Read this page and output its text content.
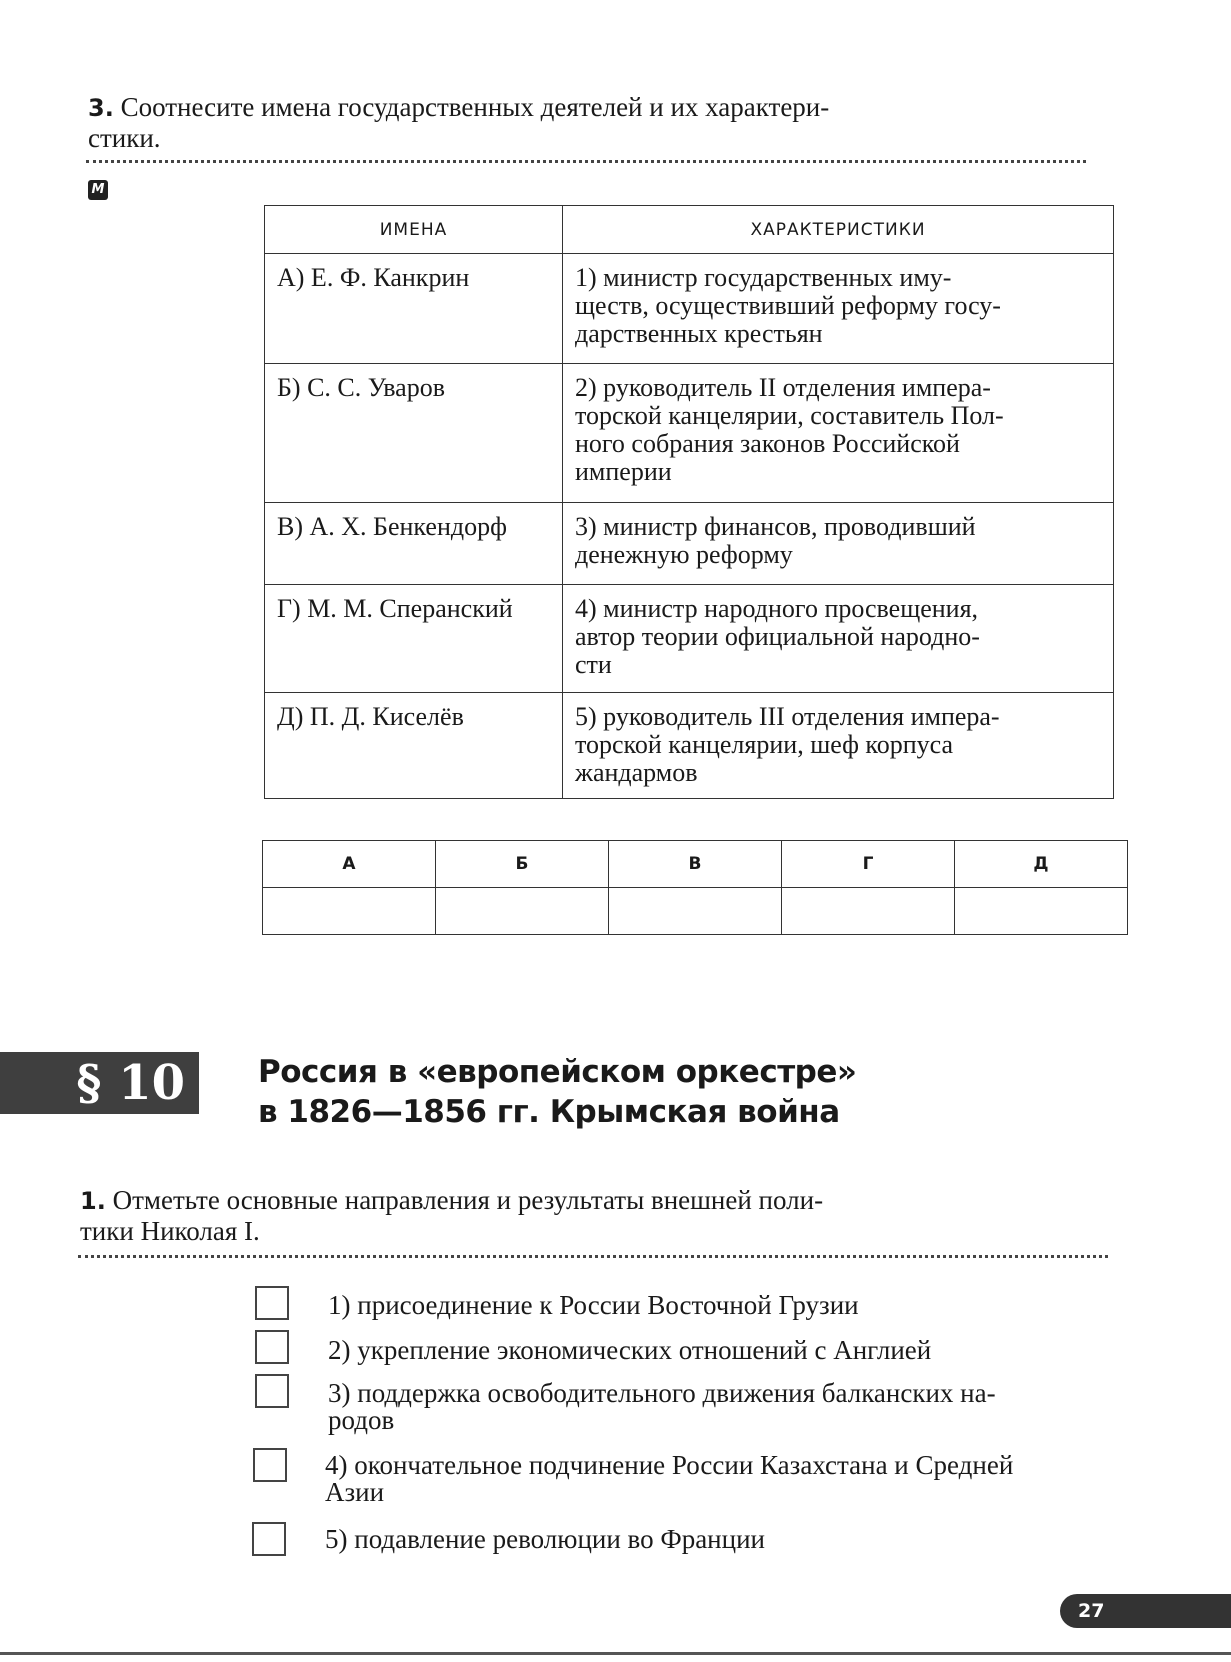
3. Соотнесите имена государственных деятелей и их характери-
стики.
М
ИМЕНА	ХАРАКТЕРИСТИКИ
А) Е. Ф. Канкрин	1) министр государственных иму-
ществ, осуществивший реформу госу-
дарственных крестьян
Б) С. С. Уваров	2) руководитель II отделения импера-
торской канцелярии, составитель Пол-
ного собрания законов Российской
империи
В) А. Х. Бенкендорф	3) министр финансов, проводивший
денежную реформу
Г) М. М. Сперанский	4) министр народного просвещения,
автор теории официальной народно-
сти
Д) П. Д. Киселёв	5) руководитель III отделения импера-
торской канцелярии, шеф корпуса
жандармов
А	Б	В	Г	Д

§ 10	Россия в «европейском оркестре»
в 1826—1856 гг. Крымская война
1. Отметьте основные направления и результаты внешней поли-
тики Николая I.
1) присоединение к России Восточной Грузии
2) укрепление экономических отношений с Англией
3) поддержка освободительного движения балканских на-
родов
4) окончательное подчинение России Казахстана и Средней
Азии
5) подавление революции во Франции
27
